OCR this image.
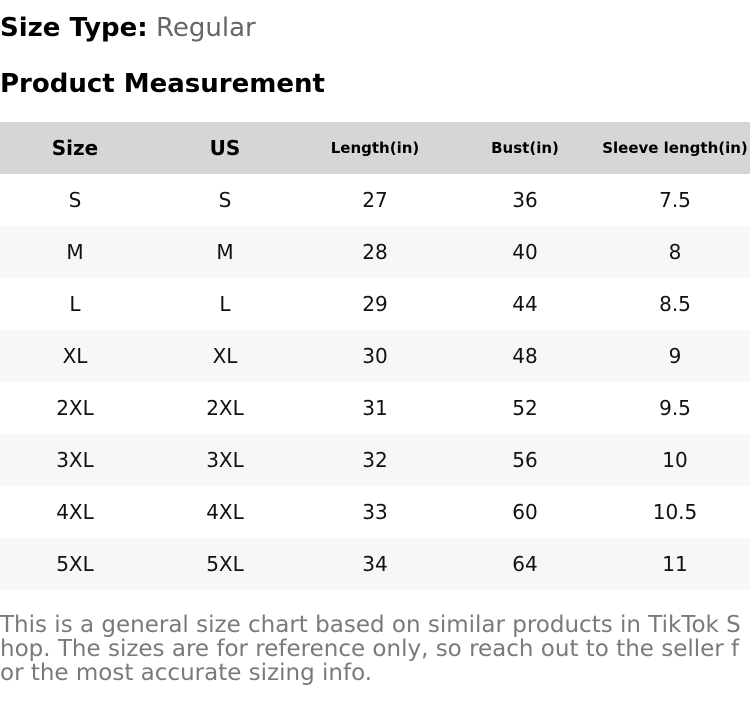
Size Type: Regular
Product Measurement
Size	US	Length(in)	Bust(in)	Sleeve length(in)
S	S	27	36	7.5
M	M	28	40	8
L	L	29	44	8.5
XL	XL	30	48	9
2XL	2XL	31	52	9.5
3XL	3XL	32	56	10
4XL	4XL	33	60	10.5
5XL	5XL	34	64	11
This is a general size chart based on similar products in TikTok Shop. The sizes are for reference only, so reach out to the seller for the most accurate sizing info.
